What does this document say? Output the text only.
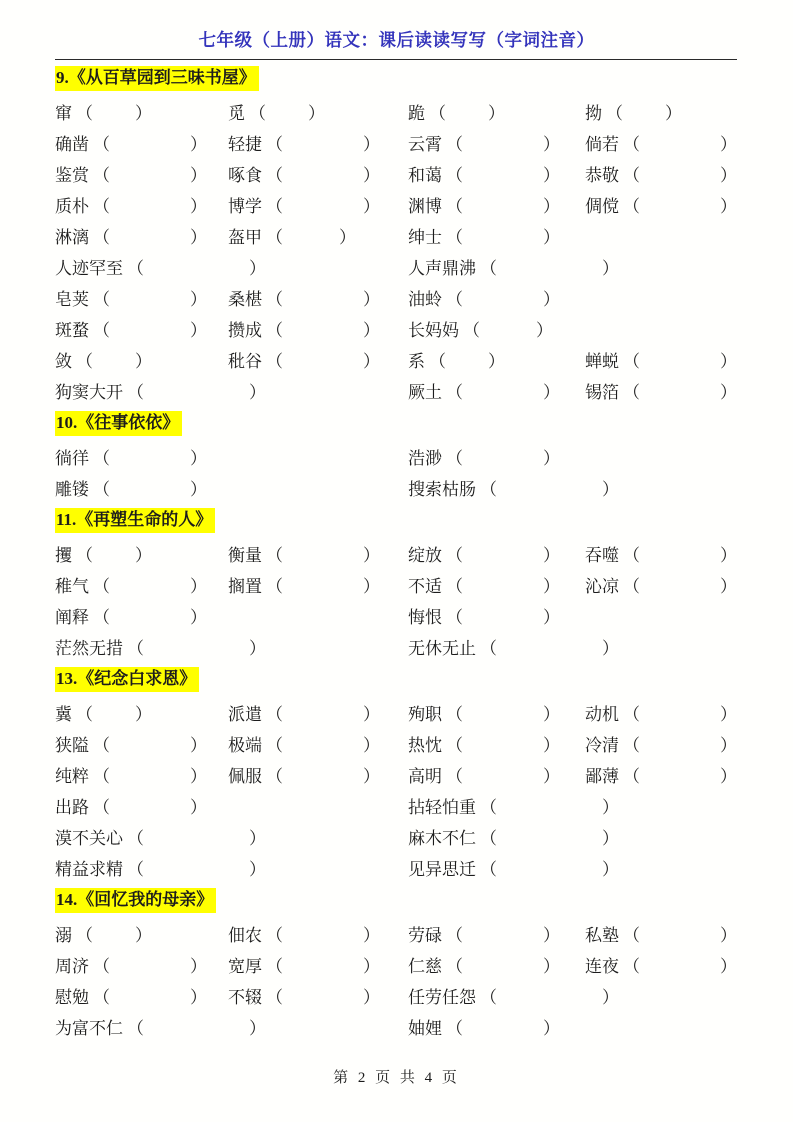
七年级（上册）语文：课后读读写写（字词注音）
9.《从百草园到三味书屋》
窜 （ ）	觅 （ ）	跪 （ ）	拗 （ ）
确凿 （	） 轻捷 （	） 云霄 （	） 倘若 （	）
鉴赏 （	） 啄食 （	） 和蔼 （	） 恭敬 （	）
质朴 （	） 博学 （	） 渊博 （	） 倜傥 （	）
淋漓 （	） 盔甲 （	）	绅士 （	）
人迹罕至 （	）	人声鼎沸 （	）
皂荚 （	） 桑椹 （	） 油蛉 （	）
斑蝥 （	） 攒成 （	） 长妈妈 （	）
敛 （ ）	秕谷 （	） 系 （ ）	蝉蜕 （	）
狗窦大开 （	）	厥土 （	） 锡箔 （	）
10.《往事依依》
徜徉 （	）	浩渺 （	）
雕镂 （	）	搜索枯肠 （	）
11.《再塑生命的人》
攫 （ ）	衡量 （	） 绽放 （	） 吞噬 （	）
稚气 （	） 搁置 （	） 不适 （	） 沁凉 （	）
阐释 （	）	悔恨 （	）
茫然无措 （	）	无休无止 （	）
13.《纪念白求恩》
冀 （ ）	派遣 （	） 殉职 （	） 动机 （	）
狭隘 （	） 极端 （	） 热忱 （	） 冷清 （	）
纯粹 （	） 佩服 （	） 高明 （	） 鄙薄 （	）
出路 （	）	拈轻怕重 （	）
漠不关心 （	）	麻木不仁 （	）
精益求精 （	）	见异思迁 （	）
14.《回忆我的母亲》
溺 （ ）	佃农 （	） 劳碌 （	） 私塾 （	）
周济 （	） 宽厚 （	） 仁慈 （	） 连夜 （	）
慰勉 （	） 不辍 （	） 任劳任怨 （	）
为富不仁 （	）	妯娌 （	）
第 2 页 共 4 页
